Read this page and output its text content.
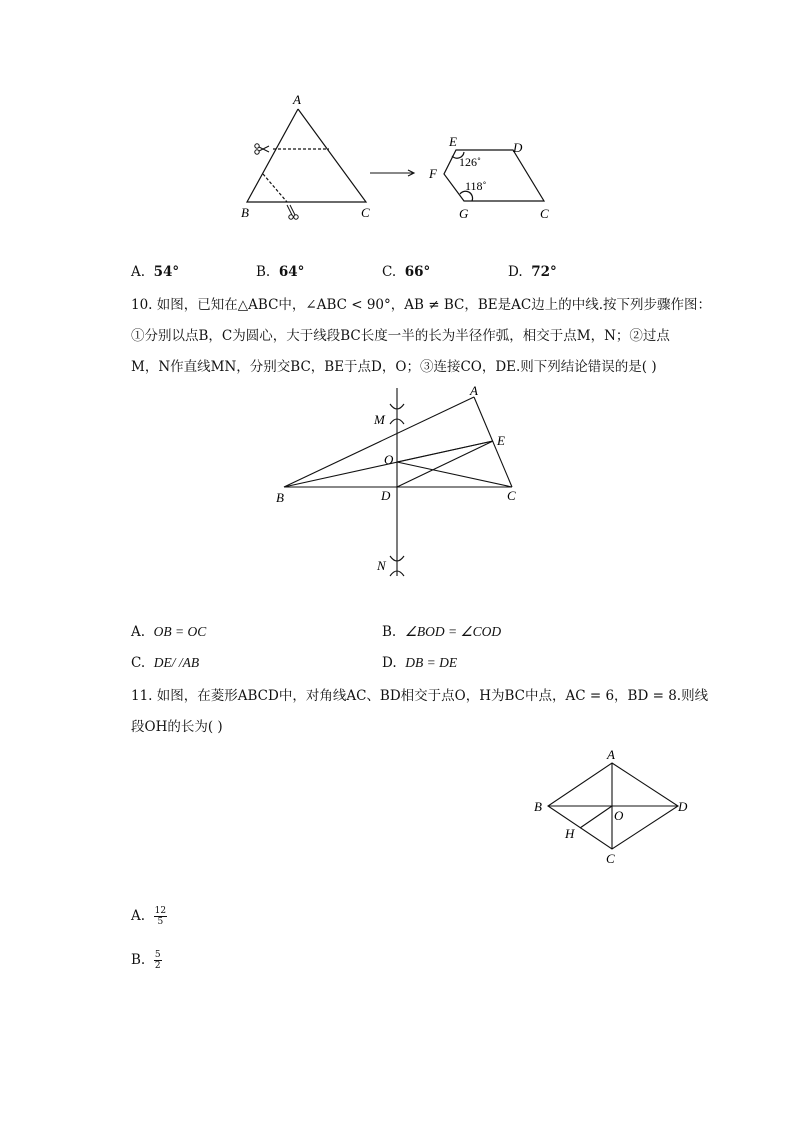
A
B	C
E	D
F
G	C
126˚
118˚
A. 54°	B. 64°	C. 66°	D. 72°
10. 如图，已知在△ABC中，∠ABC < 90°，AB ≠ BC，BE是AC边上的中线.按下列步骤作图：
①分别以点B，C为圆心，大于线段BC长度一半的长为半径作弧，相交于点M，N；②过点
M，N作直线MN，分别交BC，BE于点D，O；③连接CO，DE.则下列结论错误的是( )
A
M
E
O
B	D	C
N
A. OB = OC	B. ∠BOD = ∠COD
C. DE/ /AB	D. DB = DE
11. 如图，在菱形ABCD中，对角线AC、BD相交于点O，H为BC中点，AC = 6，BD = 8.则线
段OH的长为( )
A
B
O
D
H
C
A. $\frac{12}{5}$
B. $\frac{5}{2}$
